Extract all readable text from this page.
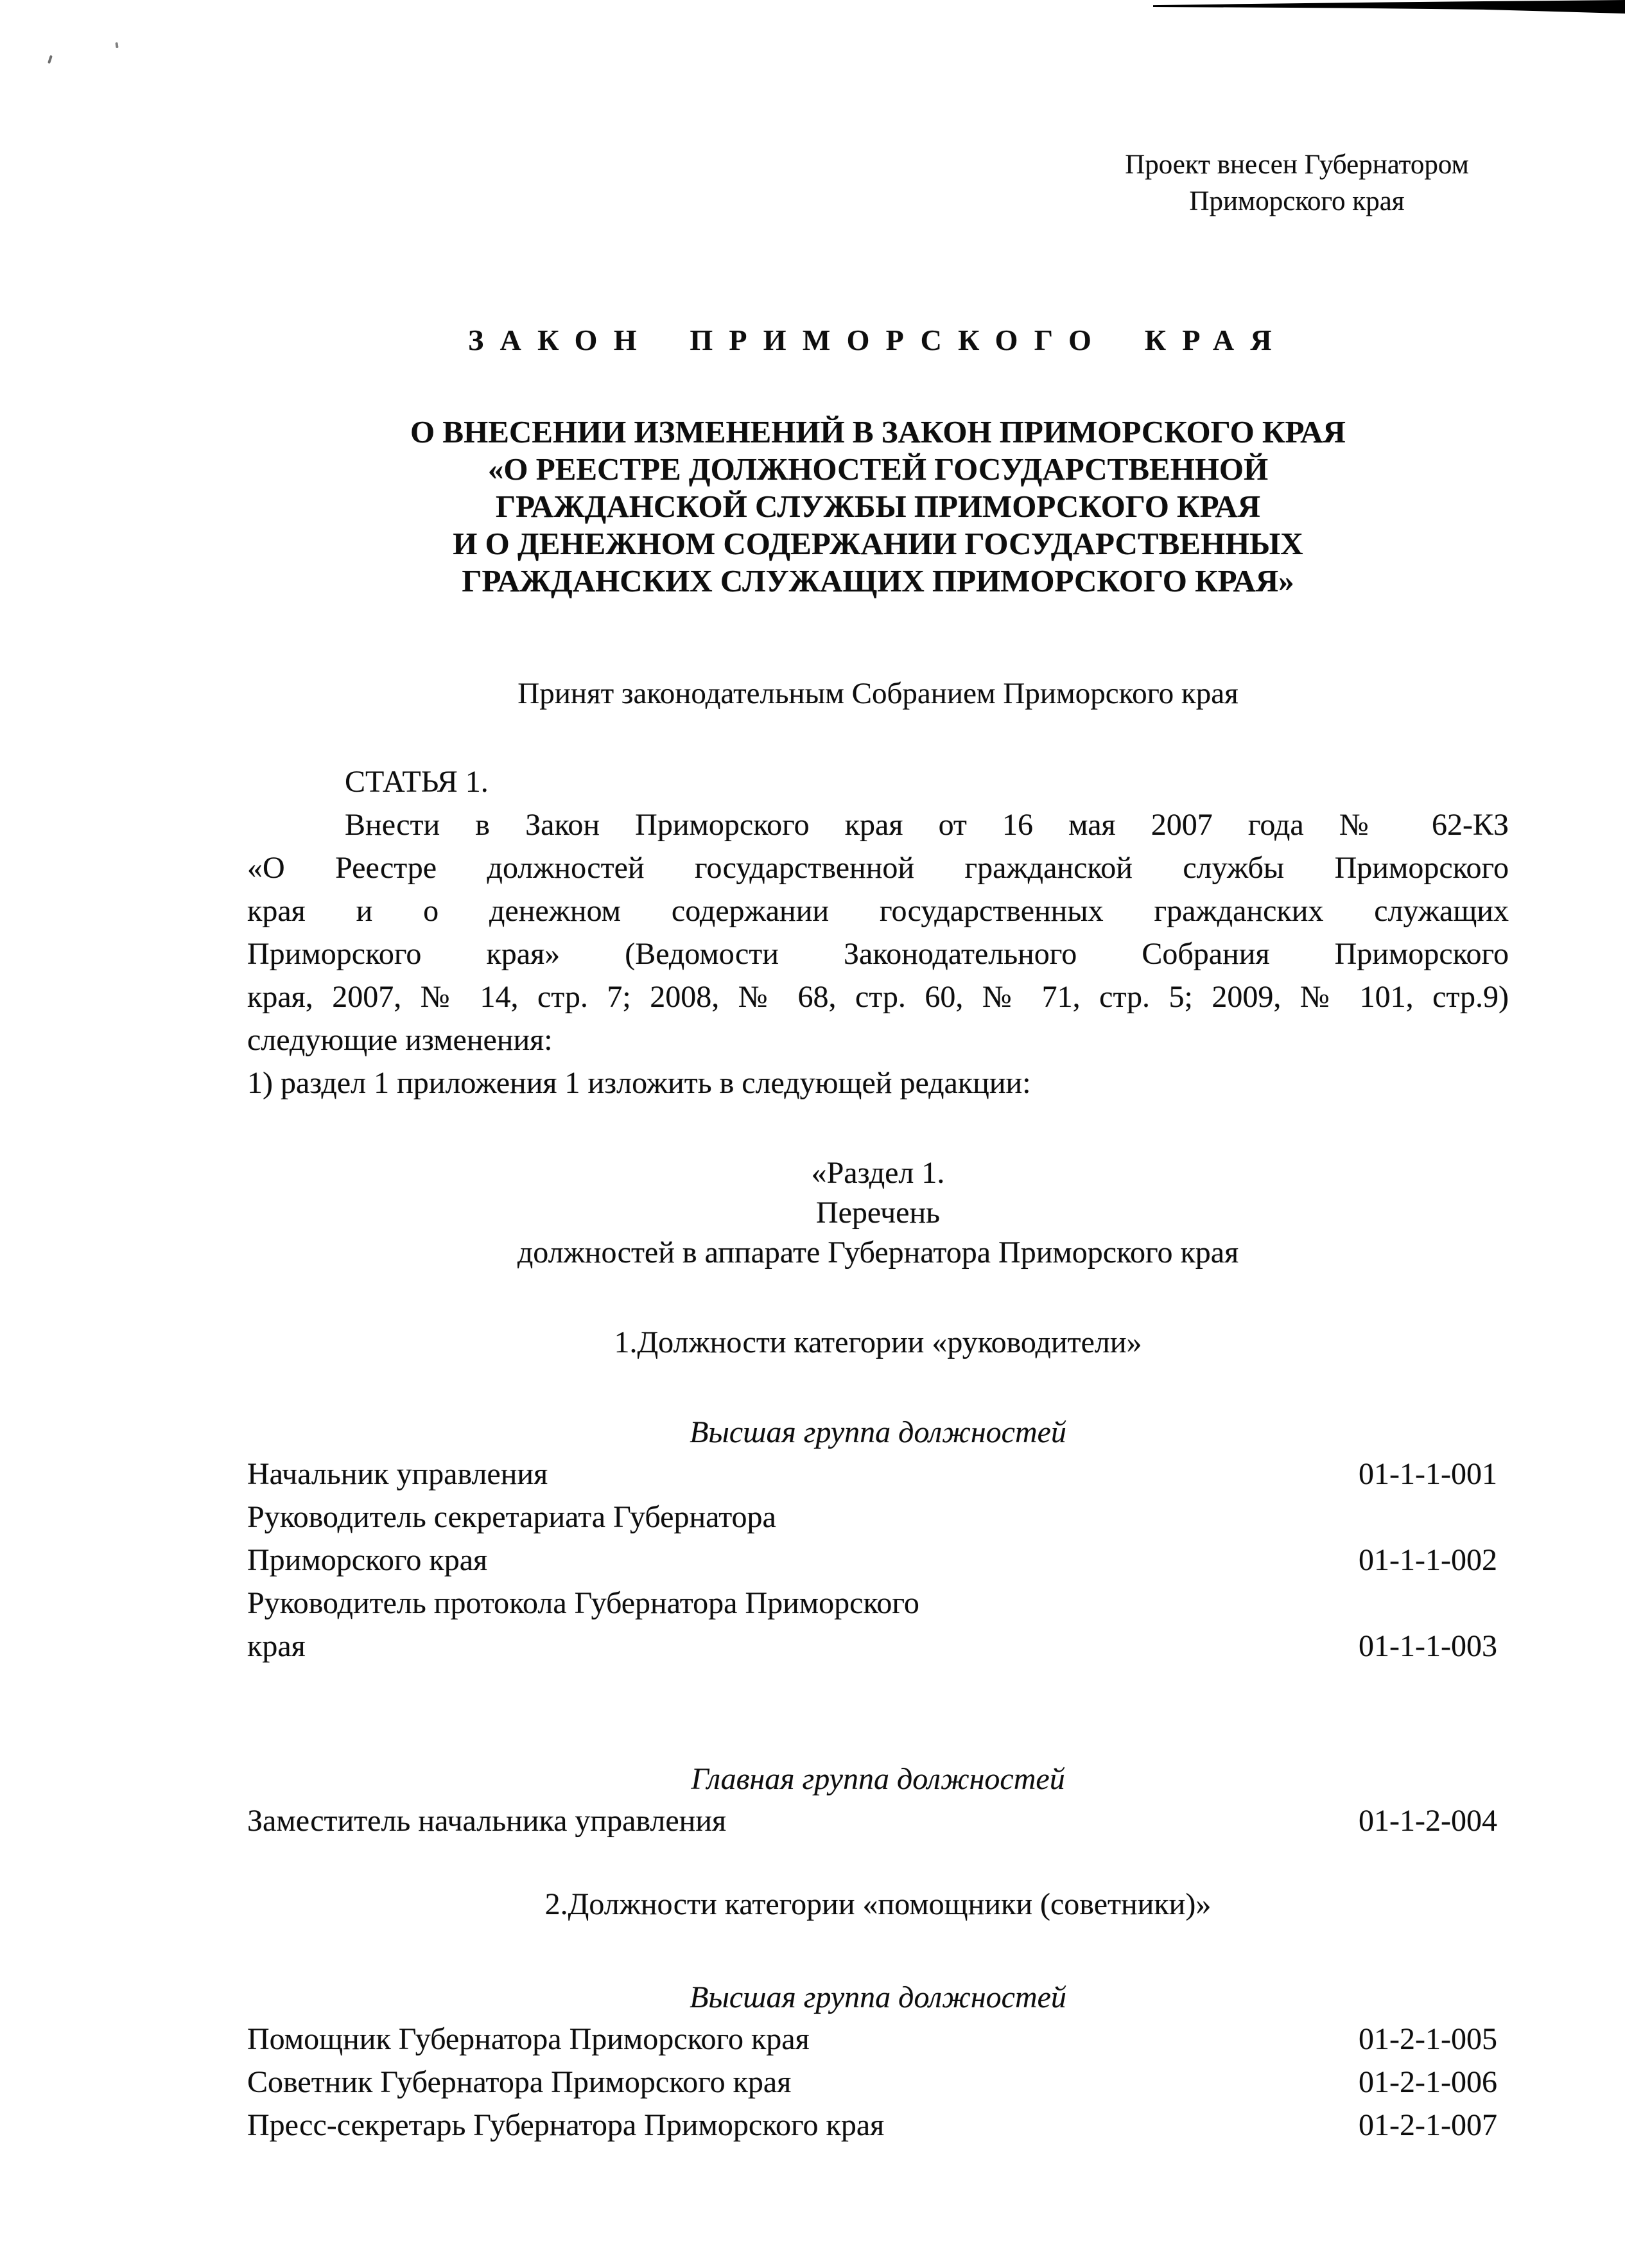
Проект внесен Губернатором
Приморского края
ЗАКОН ПРИМОРСКОГО КРАЯ
О ВНЕСЕНИИ ИЗМЕНЕНИЙ В ЗАКОН ПРИМОРСКОГО КРАЯ
«О РЕЕСТРЕ ДОЛЖНОСТЕЙ ГОСУДАРСТВЕННОЙ
ГРАЖДАНСКОЙ СЛУЖБЫ ПРИМОРСКОГО КРАЯ
И О ДЕНЕЖНОМ СОДЕРЖАНИИ ГОСУДАРСТВЕННЫХ
ГРАЖДАНСКИХ СЛУЖАЩИХ ПРИМОРСКОГО КРАЯ»
Принят законодательным Собранием Приморского края
СТАТЬЯ 1.
Внести в Закон Приморского края от 16 мая 2007 года № 62-КЗ
«О Реестре должностей государственной гражданской службы Приморского
края и о денежном содержании государственных гражданских служащих
Приморского края» (Ведомости Законодательного Собрания Приморского
края, 2007, № 14, стр. 7; 2008, № 68, стр. 60, № 71, стр. 5; 2009, № 101, стр.9)
следующие изменения:
1) раздел 1 приложения 1 изложить в следующей редакции:
«Раздел 1.
Перечень
должностей в аппарате Губернатора Приморского края
1.Должности категории «руководители»
Высшая группа должностей
Начальник управления	01-1-1-001
Руководитель секретариата Губернатора
Приморского края	01-1-1-002
Руководитель протокола Губернатора Приморского
края	01-1-1-003
Главная группа должностей
Заместитель начальника управления	01-1-2-004
2.Должности категории «помощники (советники)»
Высшая группа должностей
Помощник Губернатора Приморского края	01-2-1-005
Советник Губернатора Приморского края	01-2-1-006
Пресс-секретарь Губернатора Приморского края	01-2-1-007
